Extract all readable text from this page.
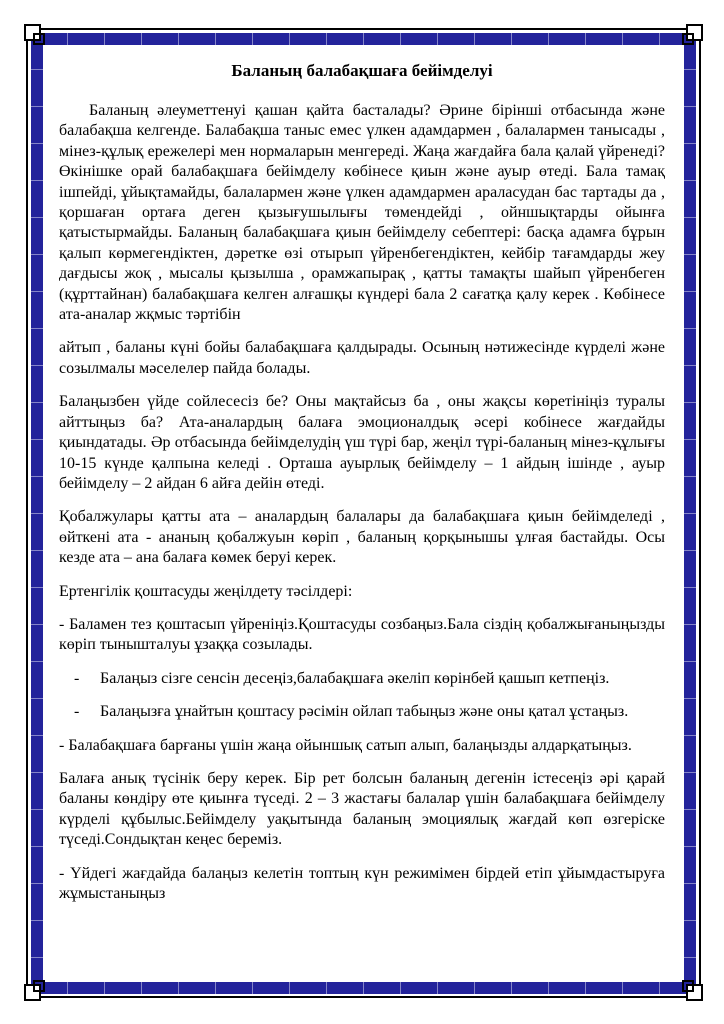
Баланың балабақшаға бейімделуі

Баланың әлеуметтенуі қашан қайта басталады? Әрине бірінші отбасында және балабақша келгенде. Балабақша таныс емес үлкен адамдармен , балалармен танысады , мінез-құлық ережелері мен нормаларын менгереді. Жаңа жағдайға бала қалай үйренеді? Өкінішке орай балабақшаға бейімделу көбінесе қиын және ауыр өтеді. Бала тамақ ішпейді, ұйықтамайды, балалармен және үлкен адамдармен араласудан бас тартады да , қоршаған ортаға деген қызығушылығы төмендейді , ойншықтарды ойынға қатыстырмайды. Баланың балабақшаға қиын бейімделу себептері: басқа адамға бұрын қалып көрмегендіктен, дәретке өзі отырып үйренбегендіктен, кейбір тағамдарды жеу дағдысы жоқ , мысалы қызылша , орамжапырақ , қатты тамақты шайып үйренбеген (құрттайнан) балабақшаға келген алғашқы күндері бала 2 сағатқа қалу керек . Көбінесе ата-аналар жқмыс тәртібін

айтып , баланы күні бойы балабақшаға қалдырады. Осының нәтижесінде күрделі және созылмалы мәселелер пайда болады.

Балаңызбен үйде сойлесесіз бе? Оны мақтайсыз ба , оны жақсы көретініңіз туралы айттыңыз ба? Ата-аналардың балаға эмоционалдық әсері кобінесе жағдайды қиындатады. Әр отбасында бейімделудің үш түрі бар, жеңіл түрі-баланың мінез-құлығы 10-15 күнде қалпына келеді . Орташа ауырлық бейімделу – 1 айдың ішінде , ауыр бейімделу – 2 айдан 6 айға дейін өтеді.

Қобалжулары қатты ата – аналардың балалары да балабақшаға қиын бейімделеді , өйткені ата - ананың қобалжуын көріп , баланың қорқынышы ұлғая бастайды. Осы кезде ата – ана балаға көмек беруі керек.

Ертенгілік қоштасуды жеңілдету тәсілдері:

- Баламен тез қоштасып үйреніңіз.Қоштасуды созбаңыз.Бала сіздің қобалжығаныңызды көріп тынышталуы ұзаққа созылады.

- Балаңыз сізге сенсін десеңіз,балабақшаға әкеліп көрінбей қашып кетпеңіз.

- Балаңызға ұнайтын қоштасу рәсімін ойлап табыңыз және оны қатал ұстаңыз.

- Балабақшаға барғаны үшін жаңа ойыншық сатып алып, балаңызды алдарқатыңыз.

Балаға анық түсінік беру керек. Бір рет болсын баланың дегенін істесеңіз әрі қарай баланы көндіру өте қиынға түседі. 2 – 3 жастағы балалар үшін балабақшаға бейімделу күрделі құбылыс.Бейімделу уақытында баланың эмоциялық жағдай көп өзгеріске түседі.Сондықтан кеңес береміз.

- Үйдегі жағдайда балаңыз келетін топтың күн режимімен бірдей етіп ұйымдастыруға жұмыстаныңыз
